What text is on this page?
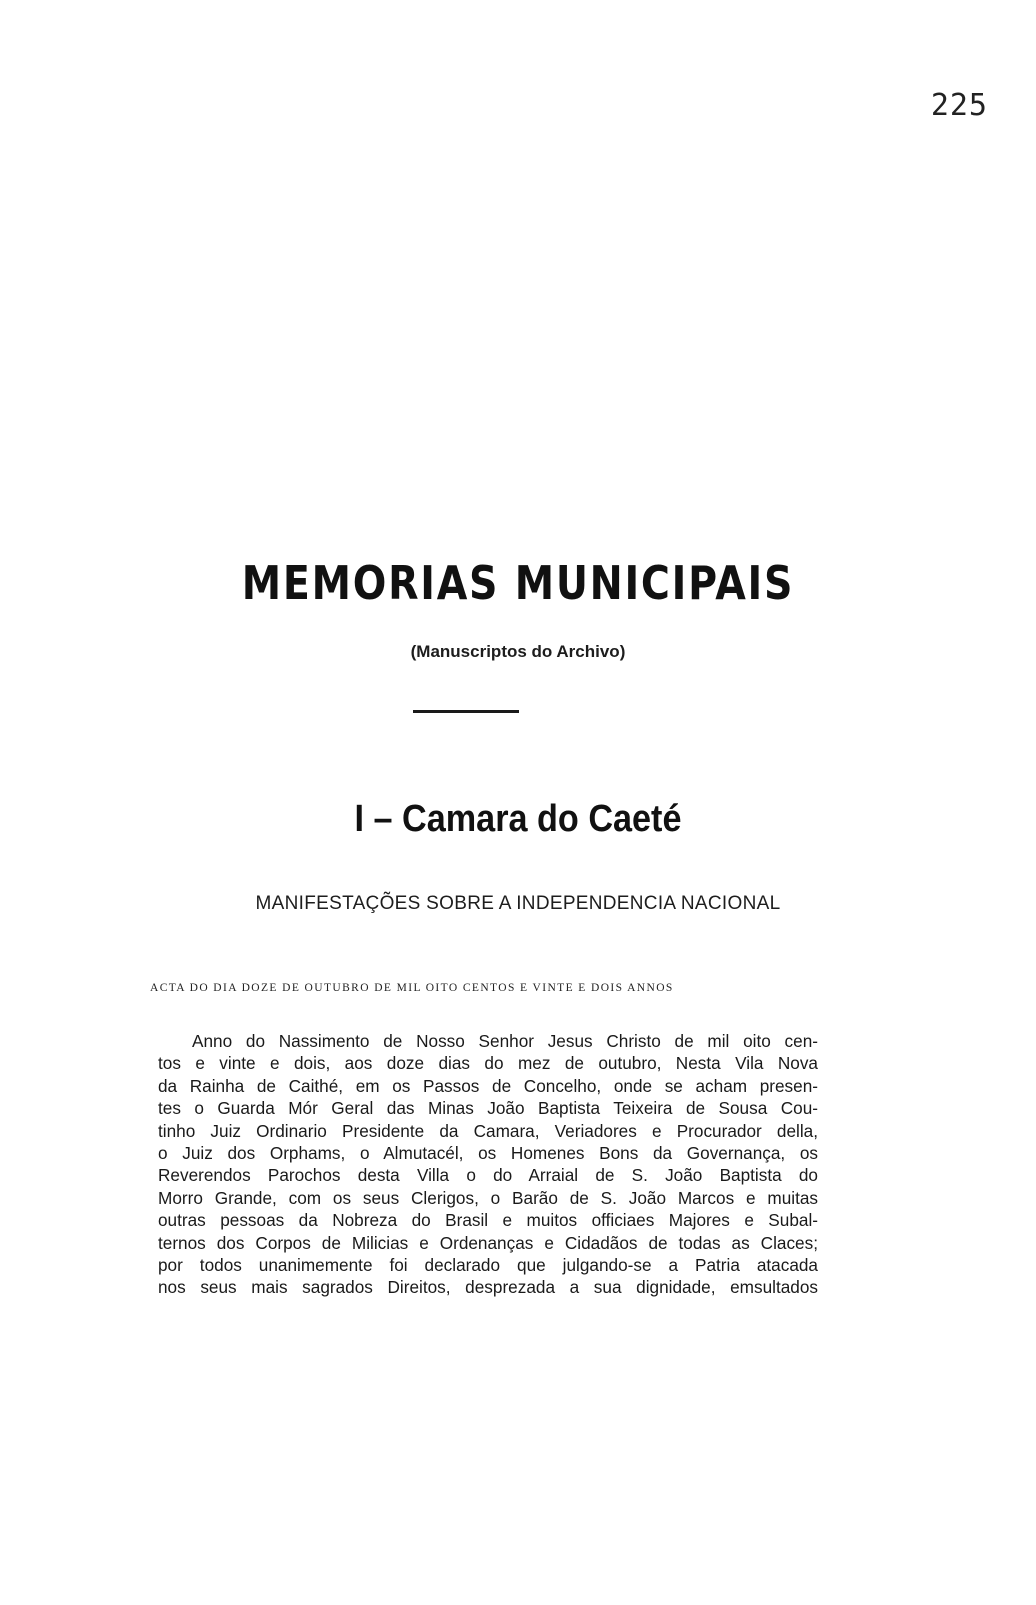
225
MEMORIAS MUNICIPAIS
(Manuscriptos do Archivo)
I – Camara do Caeté
MANIFESTAÇÕES SOBRE A INDEPENDENCIA NACIONAL
ACTA DO DIA DOZE DE OUTUBRO DE MIL OITO CENTOS E VINTE E DOIS ANNOS
Anno do Nassimento de Nosso Senhor Jesus Christo de mil oito cen-
tos e vinte e dois, aos doze dias do mez de outubro, Nesta Vila Nova
da Rainha de Caithé, em os Passos de Concelho, onde se acham presen-
tes o Guarda Mór Geral das Minas João Baptista Teixeira de Sousa Cou-
tinho Juiz Ordinario Presidente da Camara, Veriadores e Procurador della,
o Juiz dos Orphams, o Almutacél, os Homenes Bons da Governança, os
Reverendos Parochos desta Villa o do Arraial de S. João Baptista do
Morro Grande, com os seus Clerigos, o Barão de S. João Marcos e muitas
outras pessoas da Nobreza do Brasil e muitos officiaes Majores e Subal-
ternos dos Corpos de Milicias e Ordenanças e Cidadãos de todas as Claces;
por todos unanimemente foi declarado que julgando-se a Patria atacada
nos seus mais sagrados Direitos, desprezada a sua dignidade, emsultados
